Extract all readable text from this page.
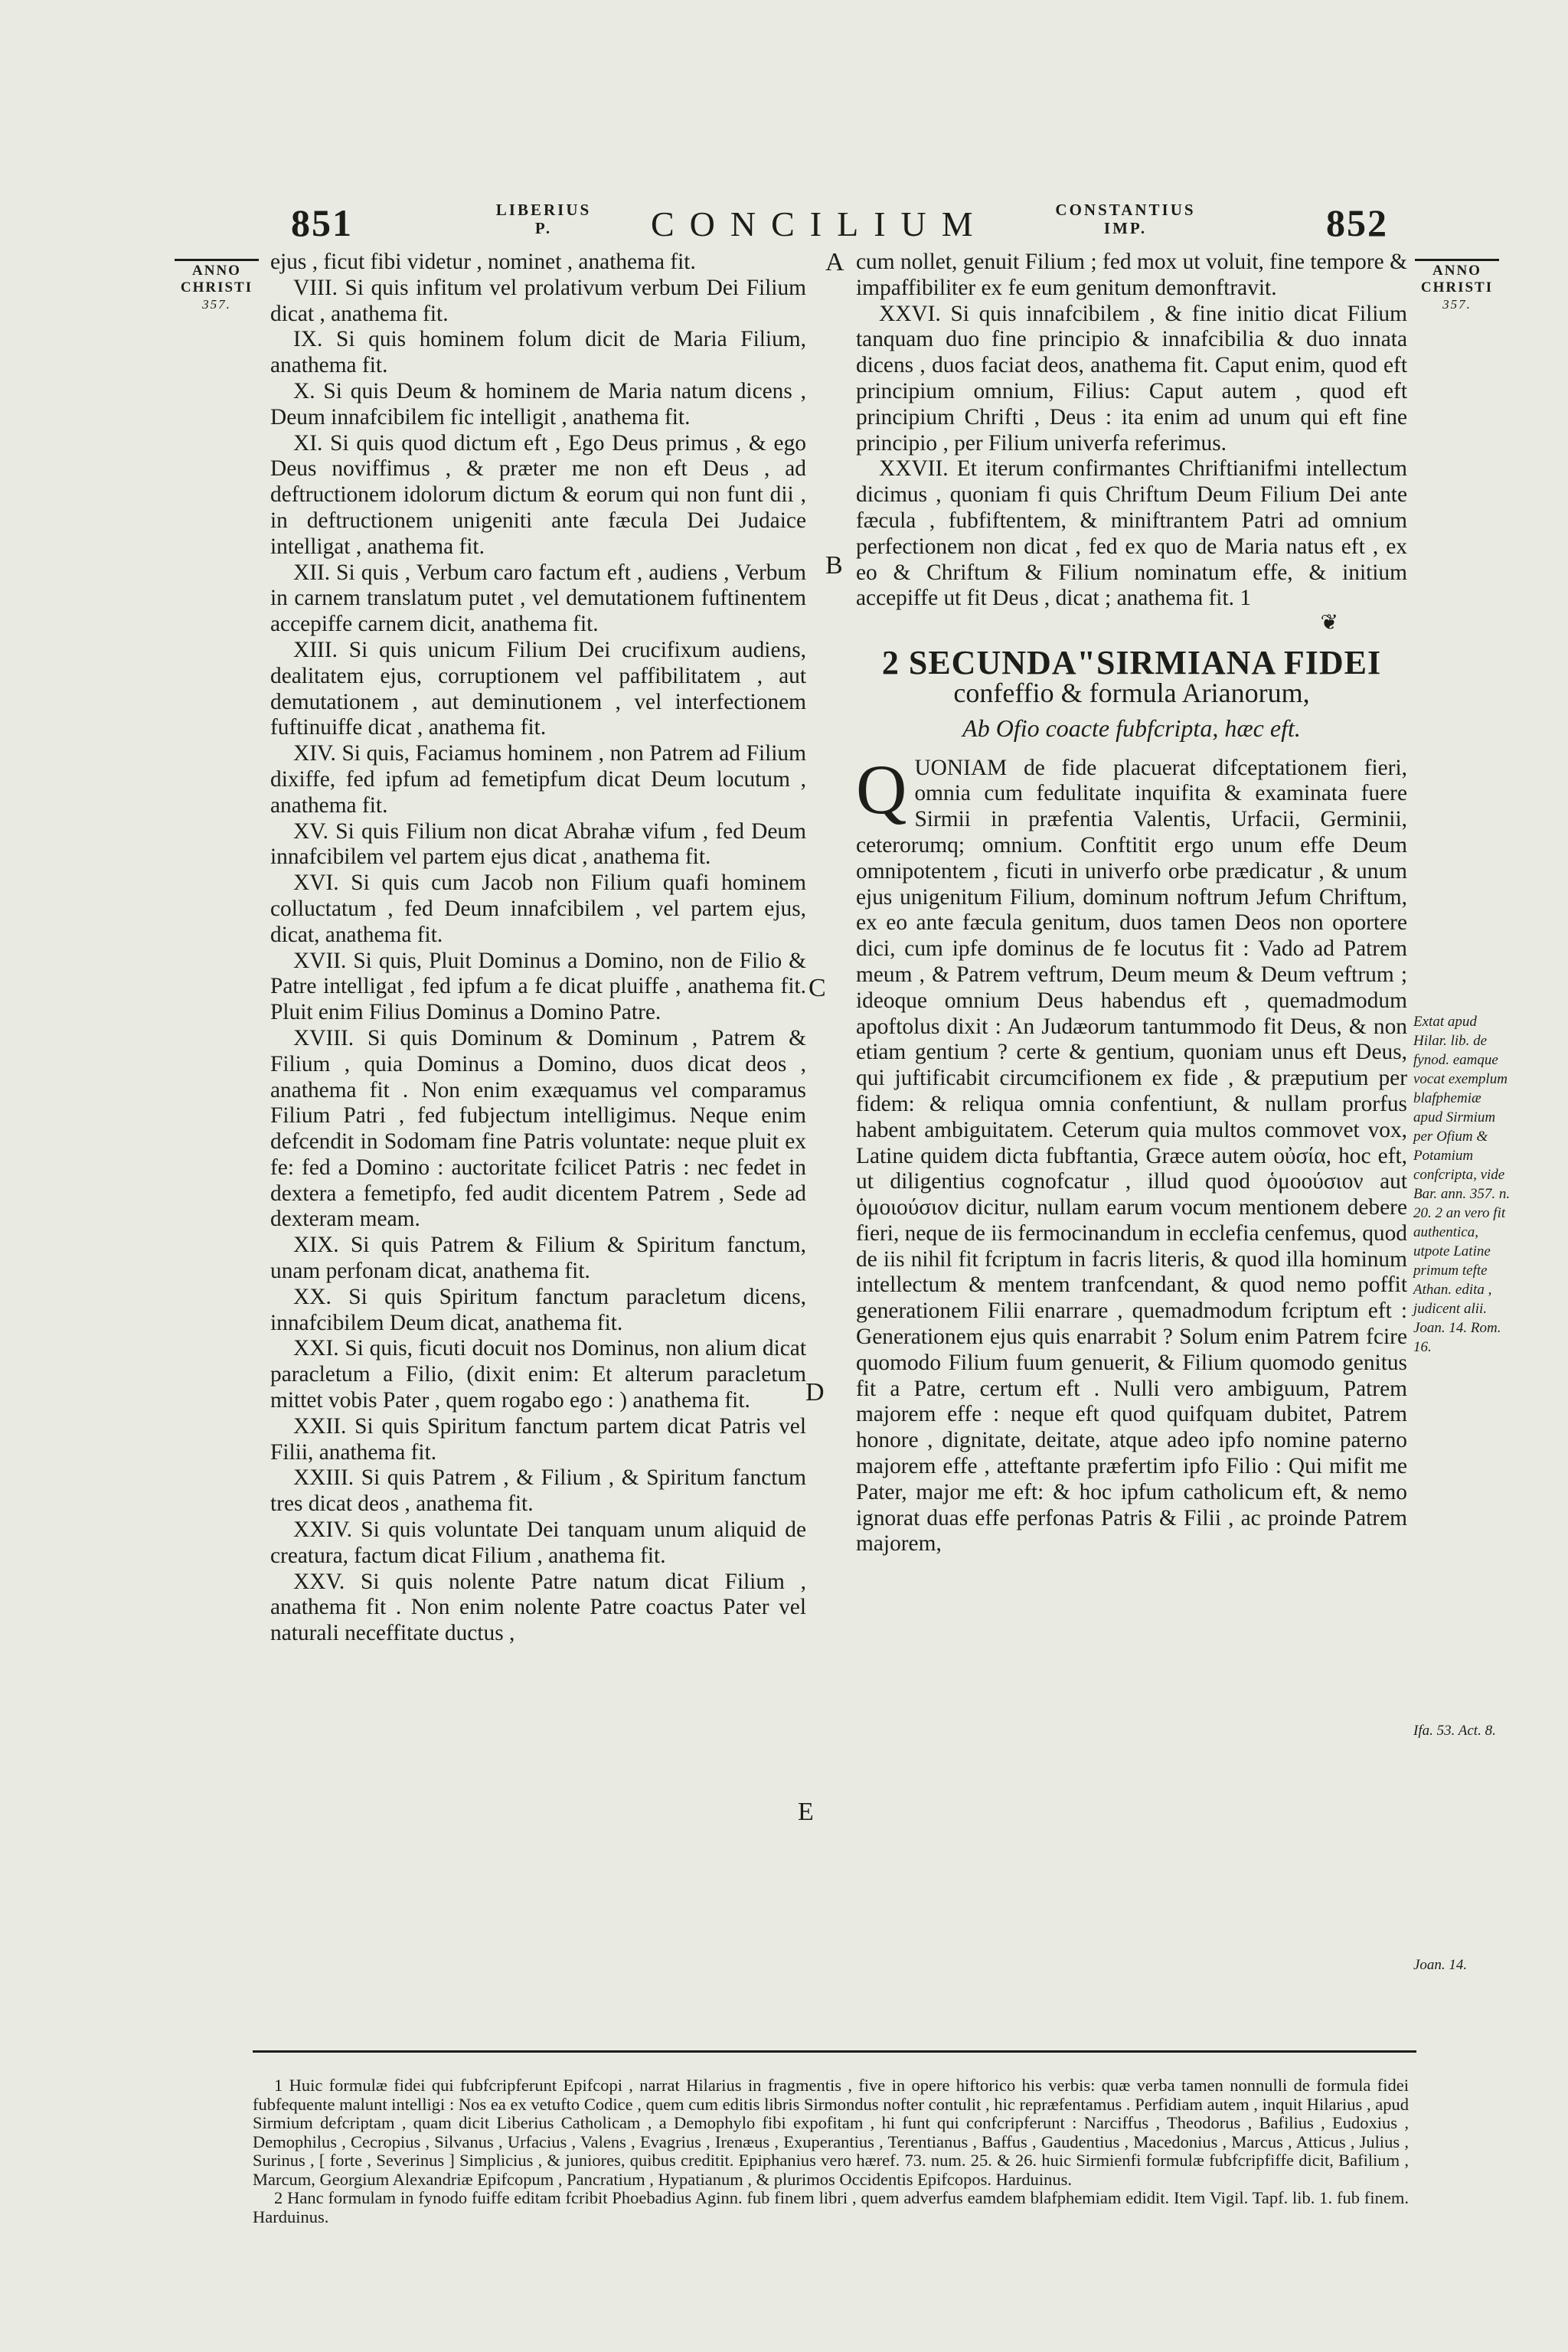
851	LIBERIUS
P.	CONCILIUM	CONSTANTIUS
IMP.	852
ANNO CHRISTI
357.
ANNO CHRISTI
357.
A
B
C
D
E

ejus , ficut fibi videtur , nominet , anathema fit.

VIII. Si quis infitum vel prolativum verbum Dei Filium dicat , anathema fit.

IX. Si quis hominem folum dicit de Maria Filium, anathema fit.

X. Si quis Deum & hominem de Maria natum dicens , Deum innafcibilem fic intelligit , anathema fit.

XI. Si quis quod dictum eft , Ego Deus primus , & ego Deus noviffimus , & præter me non eft Deus , ad deftructionem idolorum dictum & eorum qui non funt dii , in deftructionem unigeniti ante fæcula Dei Judaice intelligat , anathema fit.

XII. Si quis , Verbum caro factum eft , audiens , Verbum in carnem translatum putet , vel demutationem fuftinentem accepiffe carnem dicit, anathema fit.

XIII. Si quis unicum Filium Dei crucifixum audiens, dealitatem ejus, corruptionem vel paffibilitatem , aut demutationem , aut deminutionem , vel interfectionem fuftinuiffe dicat , anathema fit.

XIV. Si quis, Faciamus hominem , non Patrem ad Filium dixiffe, fed ipfum ad femetipfum dicat Deum locutum , anathema fit.

XV. Si quis Filium non dicat Abrahæ vifum , fed Deum innafcibilem vel partem ejus dicat , anathema fit.

XVI. Si quis cum Jacob non Filium quafi hominem colluctatum , fed Deum innafcibilem , vel partem ejus, dicat, anathema fit.

XVII. Si quis, Pluit Dominus a Domino, non de Filio & Patre intelligat , fed ipfum a fe dicat pluiffe , anathema fit. Pluit enim Filius Dominus a Domino Patre.

XVIII. Si quis Dominum & Dominum , Patrem & Filium , quia Dominus a Domino, duos dicat deos , anathema fit . Non enim exæquamus vel comparamus Filium Patri , fed fubjectum intelligimus. Neque enim defcendit in Sodomam fine Patris voluntate: neque pluit ex fe: fed a Domino : auctoritate fcilicet Patris : nec fedet in dextera a femetipfo, fed audit dicentem Patrem , Sede ad dexteram meam.

XIX. Si quis Patrem & Filium & Spiritum fanctum, unam perfonam dicat, anathema fit.

XX. Si quis Spiritum fanctum paracletum dicens, innafcibilem Deum dicat, anathema fit.

XXI. Si quis, ficuti docuit nos Dominus, non alium dicat paracletum a Filio, (dixit enim: Et alterum paracletum mittet vobis Pater , quem rogabo ego : ) anathema fit.

XXII. Si quis Spiritum fanctum partem dicat Patris vel Filii, anathema fit.

XXIII. Si quis Patrem , & Filium , & Spiritum fanctum tres dicat deos , anathema fit.

XXIV. Si quis voluntate Dei tanquam unum aliquid de creatura, factum dicat Filium , anathema fit.

XXV. Si quis nolente Patre natum dicat Filium , anathema fit . Non enim nolente Patre coactus Pater vel naturali neceffitate ductus ,

cum nollet, genuit Filium ; fed mox ut voluit, fine tempore & impaffibiliter ex fe eum genitum demonftravit.

XXVI. Si quis innafcibilem , & fine initio dicat Filium tanquam duo fine principio & innafcibilia & duo innata dicens , duos faciat deos, anathema fit. Caput enim, quod eft principium omnium, Filius: Caput autem , quod eft principium Chrifti , Deus : ita enim ad unum qui eft fine principio , per Filium univerfa referimus.

XXVII. Et iterum confirmantes Chriftianifmi intellectum dicimus , quoniam fi quis Chriftum Deum Filium Dei ante fæcula , fubfiftentem, & miniftrantem Patri ad omnium perfectionem non dicat , fed ex quo de Maria natus eft , ex eo & Chriftum & Filium nominatum effe, & initium accepiffe ut fit Deus , dicat ; anathema fit. 1

❦
2 SECUNDA"SIRMIANA FIDEI
confeffio & formula Arianorum,
Ab Ofio coacte fubfcripta, hæc eft.

QUONIAM de fide placuerat difceptationem fieri, omnia cum fedulitate inquifita & examinata fuere Sirmii in præfentia Valentis, Urfacii, Germinii, ceterorumq; omnium. Conftitit ergo unum effe Deum omnipotentem , ficuti in univerfo orbe prædicatur , & unum ejus unigenitum Filium, dominum noftrum Jefum Chriftum, ex eo ante fæcula genitum, duos tamen Deos non oportere dici, cum ipfe dominus de fe locutus fit : Vado ad Patrem meum , & Patrem veftrum, Deum meum & Deum veftrum ; ideoque omnium Deus habendus eft , quemadmodum apoftolus dixit : An Judæorum tantummodo fit Deus, & non etiam gentium ? certe & gentium, quoniam unus eft Deus, qui juftificabit circumcifionem ex fide , & præputium per fidem: & reliqua omnia confentiunt, & nullam prorfus habent ambiguitatem. Ceterum quia multos commovet vox, Latine quidem dicta fubftantia, Græce autem οὐσία, hoc eft, ut diligentius cognofcatur , illud quod ὁμοούσιον aut ὁμοιούσιον dicitur, nullam earum vocum mentionem debere fieri, neque de iis fermocinandum in ecclefia cenfemus, quod de iis nihil fit fcriptum in facris literis, & quod illa hominum intellectum & mentem tranfcendant, & quod nemo poffit generationem Filii enarrare , quemadmodum fcriptum eft : Generationem ejus quis enarrabit ? Solum enim Patrem fcire quomodo Filium fuum genuerit, & Filium quomodo genitus fit a Patre, certum eft . Nulli vero ambiguum, Patrem majorem effe : neque eft quod quifquam dubitet, Patrem honore , dignitate, deitate, atque adeo ipfo nomine paterno majorem effe , atteftante præfertim ipfo Filio : Qui mifit me Pater, major me eft: & hoc ipfum catholicum eft, & nemo ignorat duas effe perfonas Patris & Filii , ac proinde Patrem majorem,

Extat apud Hilar. lib. de fynod. eamque vocat exemplum blafphemiæ apud Sirmium per Ofium & Potamium confcripta, vide Bar. ann. 357. n. 20. 2 an vero fit authentica, utpote Latine primum tefte Athan. edita , judicent alii. Joan. 14. Rom. 16.
Ifa. 53. Act. 8.
Joan. 14.

1 Huic formulæ fidei qui fubfcripferunt Epifcopi , narrat Hilarius in fragmentis , five in opere hiftorico his verbis: quæ verba tamen nonnulli de formula fidei fubfequente malunt intelligi : Nos ea ex vetufto Codice , quem cum editis libris Sirmondus nofter contulit , hic repræfentamus . Perfidiam autem , inquit Hilarius , apud Sirmium defcriptam , quam dicit Liberius Catholicam , a Demophylo fibi expofitam , hi funt qui confcripferunt : Narciffus , Theodorus , Bafilius , Eudoxius , Demophilus , Cecropius , Silvanus , Urfacius , Valens , Evagrius , Irenæus , Exuperantius , Terentianus , Baffus , Gaudentius , Macedonius , Marcus , Atticus , Julius , Surinus , [ forte , Severinus ] Simplicius , & juniores, quibus creditit. Epiphanius vero hæref. 73. num. 25. & 26. huic Sirmienfi formulæ fubfcripfiffe dicit, Bafilium , Marcum, Georgium Alexandriæ Epifcopum , Pancratium , Hypatianum , & plurimos Occidentis Epifcopos. Harduinus.

2 Hanc formulam in fynodo fuiffe editam fcribit Phoebadius Aginn. fub finem libri , quem adverfus eamdem blafphemiam edidit. Item Vigil. Tapf. lib. 1. fub finem. Harduinus.
